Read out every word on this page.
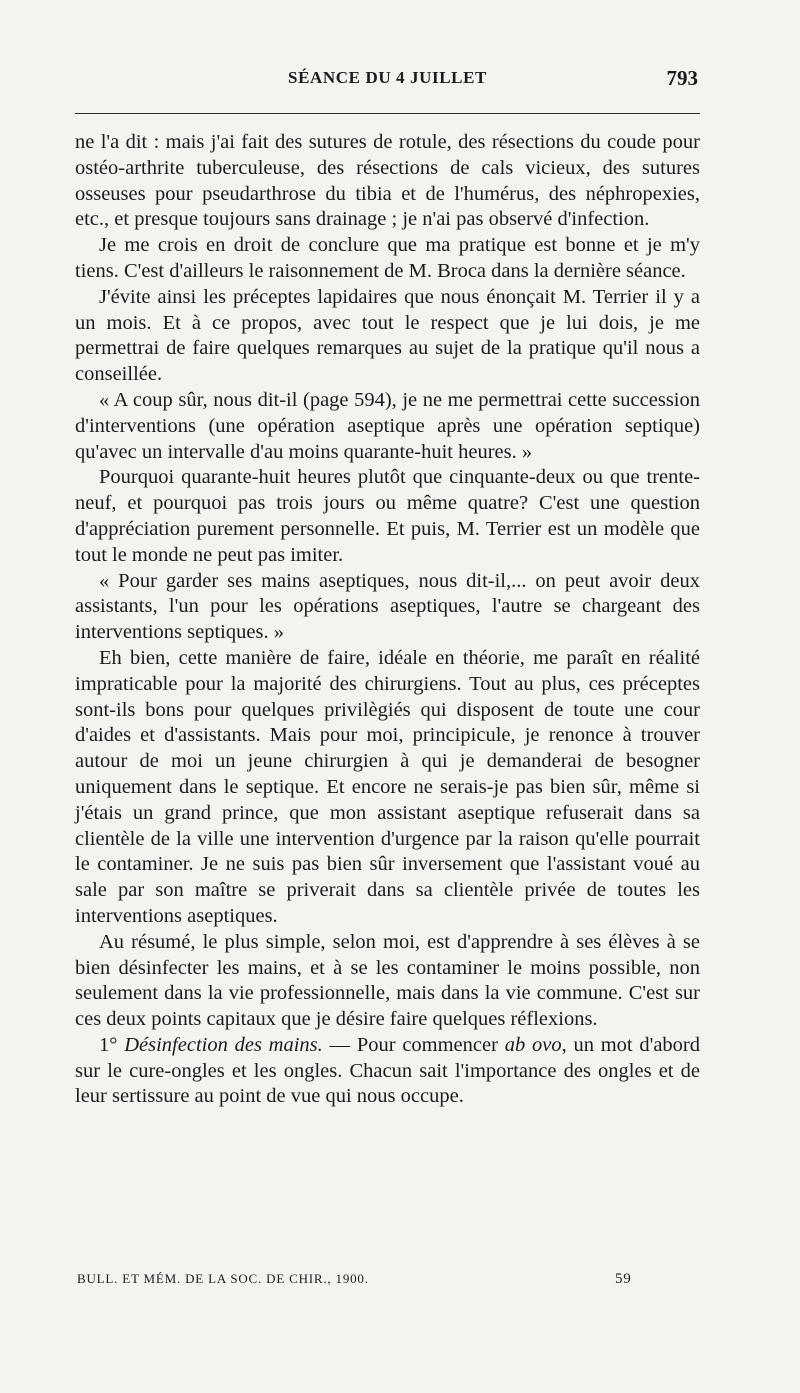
SÉANCE DU 4 JUILLET	793

ne l'a dit : mais j'ai fait des sutures de rotule, des résections du coude pour ostéo-arthrite tuberculeuse, des résections de cals vicieux, des sutures osseuses pour pseudarthrose du tibia et de l'humérus, des néphropexies, etc., et presque toujours sans drainage ; je n'ai pas observé d'infection.

Je me crois en droit de conclure que ma pratique est bonne et je m'y tiens. C'est d'ailleurs le raisonnement de M. Broca dans la dernière séance.

J'évite ainsi les préceptes lapidaires que nous énonçait M. Terrier il y a un mois. Et à ce propos, avec tout le respect que je lui dois, je me permettrai de faire quelques remarques au sujet de la pratique qu'il nous a conseillée.

« A coup sûr, nous dit-il (page 594), je ne me permettrai cette succession d'interventions (une opération aseptique après une opération septique) qu'avec un intervalle d'au moins quarante-huit heures. »

Pourquoi quarante-huit heures plutôt que cinquante-deux ou que trente-neuf, et pourquoi pas trois jours ou même quatre? C'est une question d'appréciation purement personnelle. Et puis, M. Terrier est un modèle que tout le monde ne peut pas imiter.

« Pour garder ses mains aseptiques, nous dit-il,... on peut avoir deux assistants, l'un pour les opérations aseptiques, l'autre se chargeant des interventions septiques. »

Eh bien, cette manière de faire, idéale en théorie, me paraît en réalité impraticable pour la majorité des chirurgiens. Tout au plus, ces préceptes sont-ils bons pour quelques privilègiés qui disposent de toute une cour d'aides et d'assistants. Mais pour moi, principicule, je renonce à trouver autour de moi un jeune chirurgien à qui je demanderai de besogner uniquement dans le septique. Et encore ne serais-je pas bien sûr, même si j'étais un grand prince, que mon assistant aseptique refuserait dans sa clientèle de la ville une intervention d'urgence par la raison qu'elle pourrait le contaminer. Je ne suis pas bien sûr inversement que l'assistant voué au sale par son maître se priverait dans sa clientèle privée de toutes les interventions aseptiques.

Au résumé, le plus simple, selon moi, est d'apprendre à ses élèves à se bien désinfecter les mains, et à se les contaminer le moins possible, non seulement dans la vie professionnelle, mais dans la vie commune. C'est sur ces deux points capitaux que je désire faire quelques réflexions.

1° Désinfection des mains. — Pour commencer ab ovo, un mot d'abord sur le cure-ongles et les ongles. Chacun sait l'importance des ongles et de leur sertissure au point de vue qui nous occupe.

BULL. ET MÉM. DE LA SOC. DE CHIR., 1900.	59
